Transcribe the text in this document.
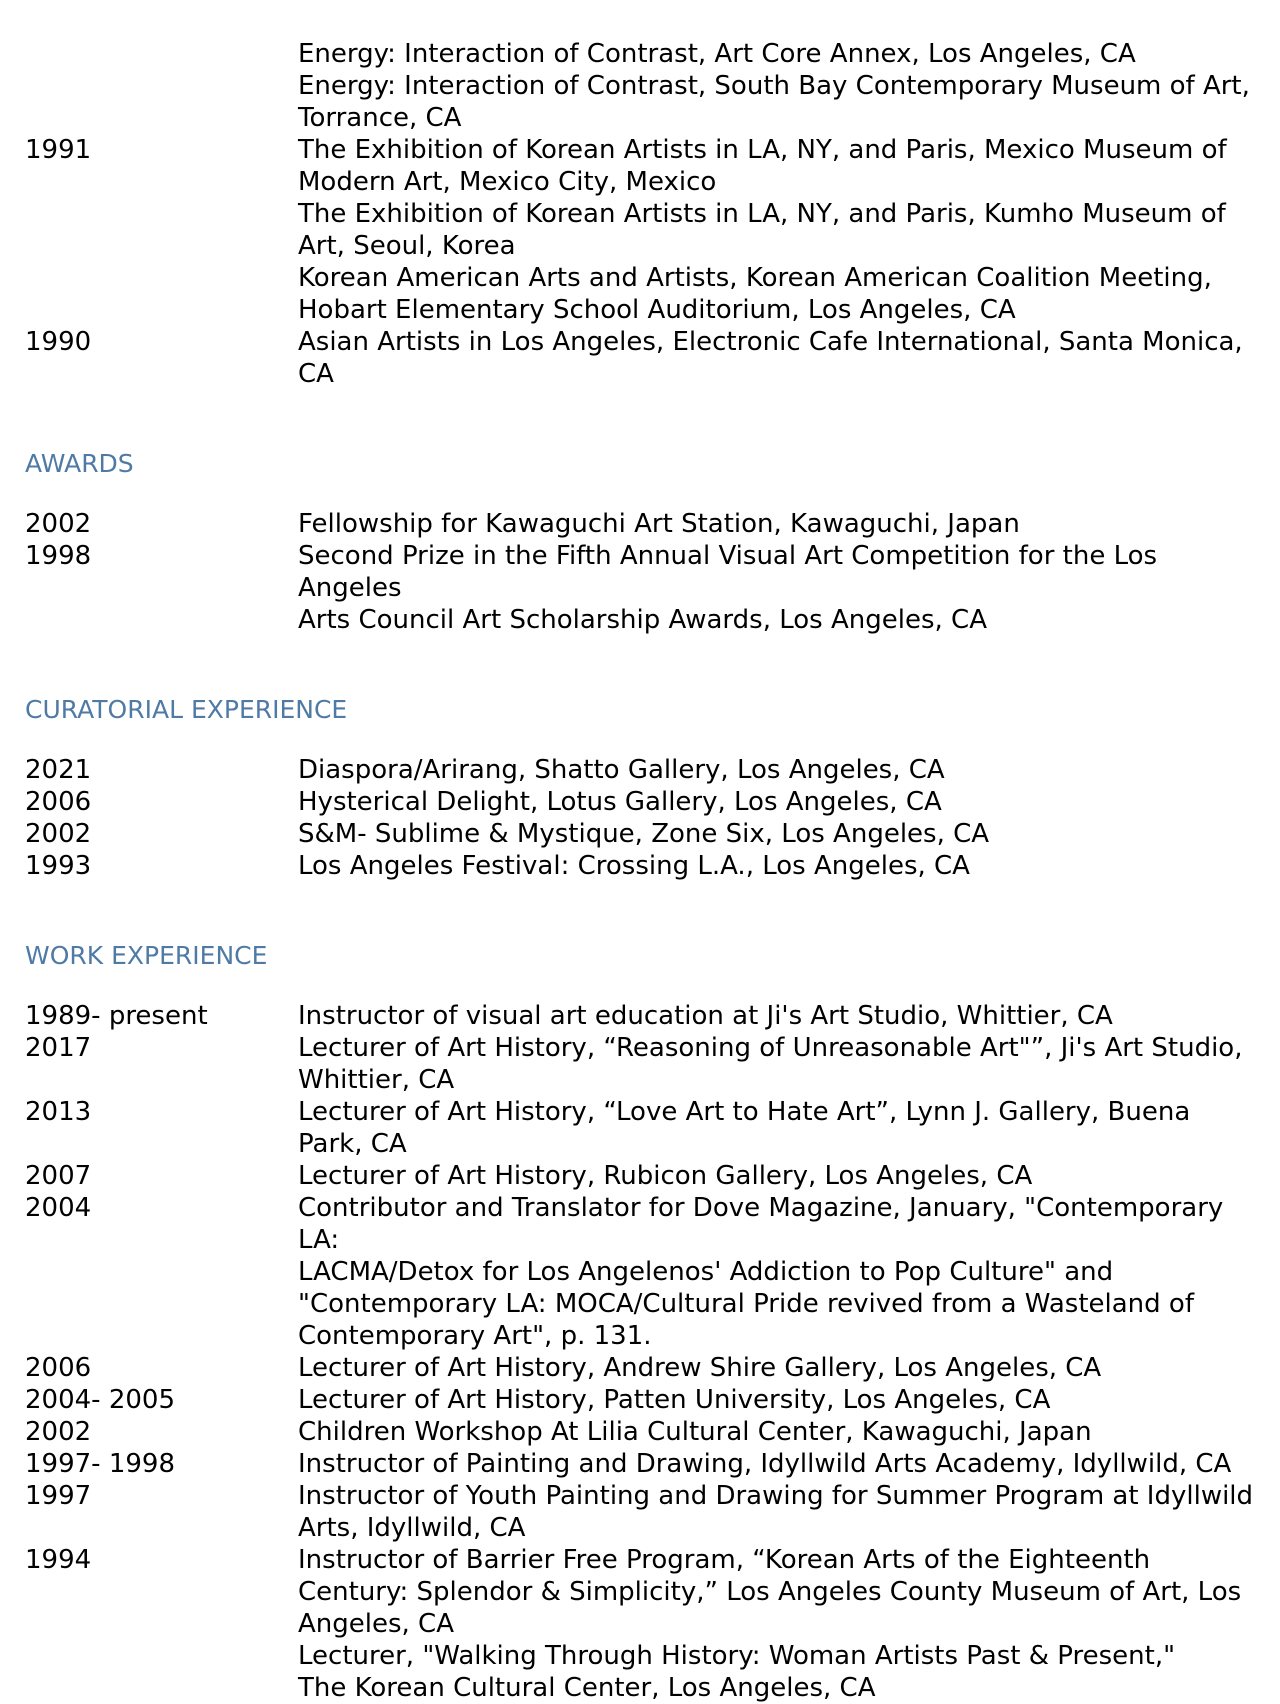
Energy: Interaction of Contrast, Art Core Annex, Los Angeles, CA
Energy: Interaction of Contrast, South Bay Contemporary Museum of Art,
Torrance, CA
1991	The Exhibition of Korean Artists in LA, NY, and Paris, Mexico Museum of
Modern Art, Mexico City, Mexico
The Exhibition of Korean Artists in LA, NY, and Paris, Kumho Museum of
Art, Seoul, Korea
Korean American Arts and Artists, Korean American Coalition Meeting,
Hobart Elementary School Auditorium, Los Angeles, CA
1990	Asian Artists in Los Angeles, Electronic Cafe International, Santa Monica,
CA
AWARDS
2002	Fellowship for Kawaguchi Art Station, Kawaguchi, Japan
1998	Second Prize in the Fifth Annual Visual Art Competition for the Los Angeles
Arts Council Art Scholarship Awards, Los Angeles, CA
CURATORIAL EXPERIENCE
2021	Diaspora/Arirang, Shatto Gallery, Los Angeles, CA
2006	Hysterical Delight, Lotus Gallery, Los Angeles, CA
2002	S&M- Sublime & Mystique, Zone Six, Los Angeles, CA
1993	Los Angeles Festival: Crossing L.A., Los Angeles, CA
WORK EXPERIENCE
1989- present	Instructor of visual art education at Ji's Art Studio, Whittier, CA
2017	Lecturer of Art History, “Reasoning of Unreasonable Art"”, Ji's Art Studio,
Whittier, CA
2013	Lecturer of Art History, “Love Art to Hate Art”, Lynn J. Gallery, Buena
Park, CA
2007	Lecturer of Art History, Rubicon Gallery, Los Angeles, CA
2004	Contributor and Translator for Dove Magazine, January, "Contemporary LA:
LACMA/Detox for Los Angelenos' Addiction to Pop Culture" and
"Contemporary LA: MOCA/Cultural Pride revived from a Wasteland of
Contemporary Art", p. 131.
2006	Lecturer of Art History, Andrew Shire Gallery, Los Angeles, CA
2004- 2005	Lecturer of Art History, Patten University, Los Angeles, CA
2002	Children Workshop At Lilia Cultural Center, Kawaguchi, Japan
1997- 1998	Instructor of Painting and Drawing, Idyllwild Arts Academy, Idyllwild, CA
1997	Instructor of Youth Painting and Drawing for Summer Program at Idyllwild
Arts, Idyllwild, CA
1994	Instructor of Barrier Free Program, “Korean Arts of the Eighteenth
Century: Splendor & Simplicity,” Los Angeles County Museum of Art, Los
Angeles, CA
Lecturer, "Walking Through History: Woman Artists Past & Present,"
The Korean Cultural Center, Los Angeles, CA
